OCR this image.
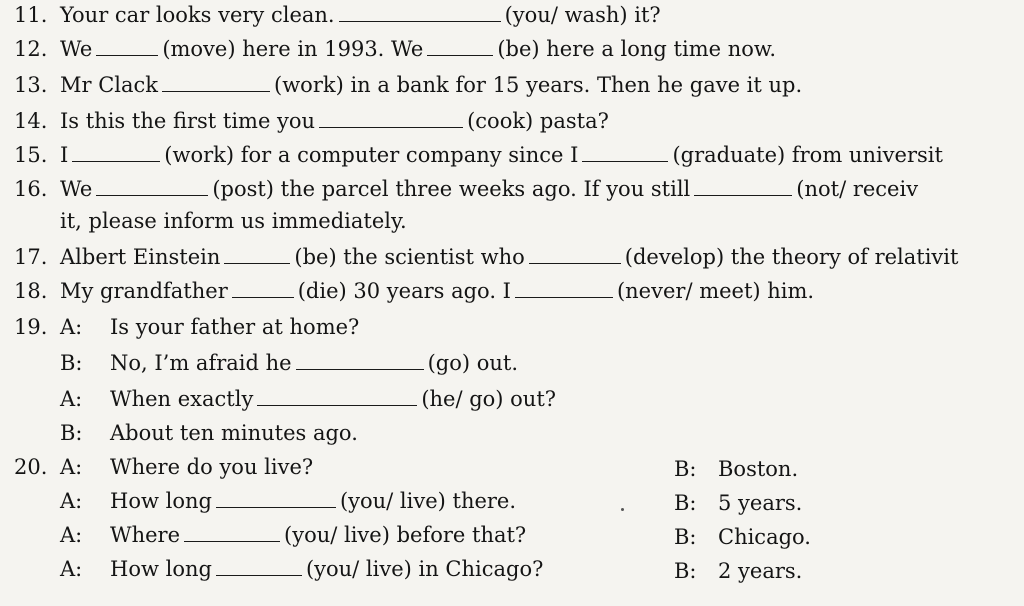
11. Your car looks very clean.	(you/ wash) it?
12. We	(move) here in 1993. We	(be) here a long time now.
13. Mr Clack	(work) in a bank for 15 years. Then he gave it up.
14. Is this the first time you	(cook) pasta?
15. I	(work) for a computer company since I	(graduate) from universit
16. We	(post) the parcel three weeks ago. If you still	(not/ receiv
it, please inform us immediately.
17. Albert Einstein	(be) the scientist who	(develop) the theory of relativit
18. My grandfather	(die) 30 years ago. I	(never/ meet) him.
19. A: Is your father at home?
B: No, I’m afraid he	(go) out.
A: When exactly	(he/ go) out?
B: About ten minutes ago.
20. A: Where do you live?	B: Boston.
A: How long	(you/ live) there.	B: 5 years.
A: Where	(you/ live) before that?	B: Chicago.
A: How long	(you/ live) in Chicago?	B: 2 years.
